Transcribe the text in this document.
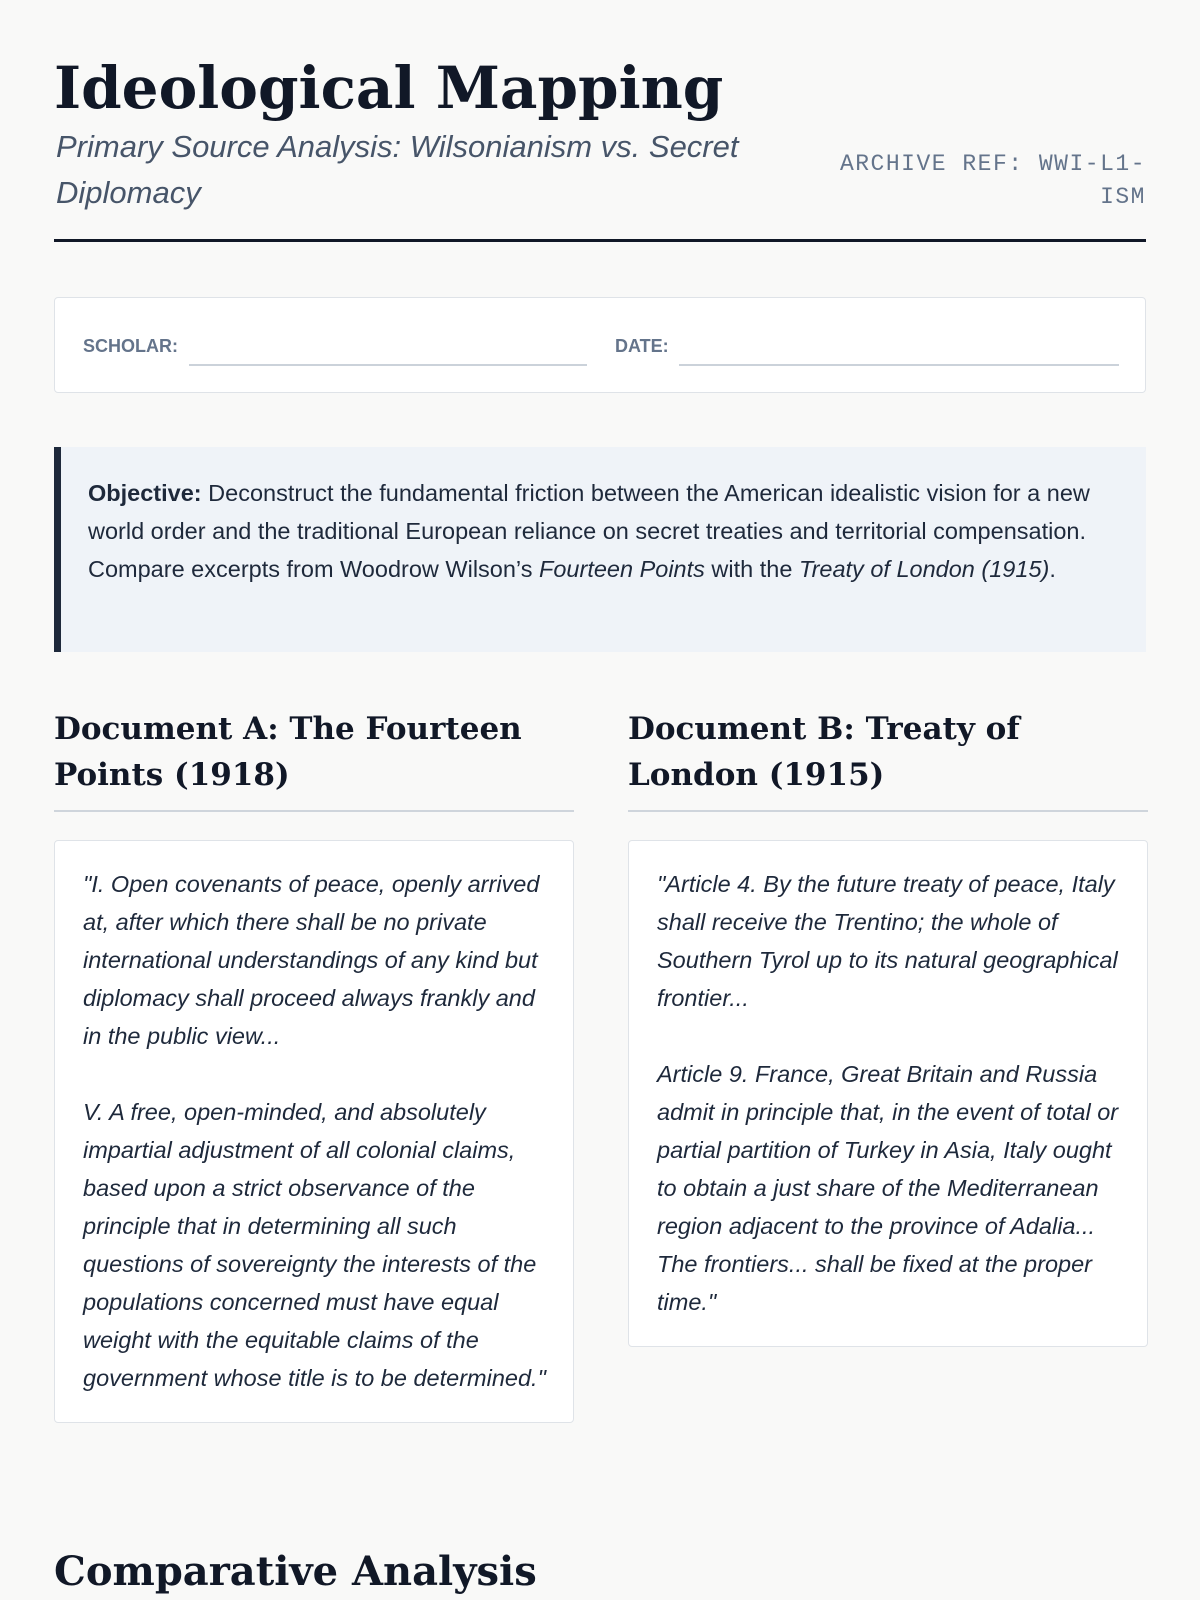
Ideological Mapping

Primary Source Analysis: Wilsonianism vs. Secret Diplomacy

ARCHIVE REF: WWI-L1-ISM
SCHOLAR:	DATE:
Objective: Deconstruct the fundamental friction between the American idealistic vision for a new world order and the traditional European reliance on secret treaties and territorial compensation. Compare excerpts from Woodrow Wilson’s Fourteen Points with the Treaty of London (1915).
Document A: The Fourteen Points (1918)

"I. Open covenants of peace, openly arrived at, after which there shall be no private international understandings of any kind but diplomacy shall proceed always frankly and in the public view...

V. A free, open-minded, and absolutely impartial adjustment of all colonial claims, based upon a strict observance of the principle that in determining all such questions of sovereignty the interests of the populations concerned must have equal weight with the equitable claims of the government whose title is to be determined."

Document B: Treaty of London (1915)

"Article 4. By the future treaty of peace, Italy shall receive the Trentino; the whole of Southern Tyrol up to its natural geographical frontier...

Article 9. France, Great Britain and Russia admit in principle that, in the event of total or partial partition of Turkey in Asia, Italy ought to obtain a just share of the Mediterranean region adjacent to the province of Adalia... The frontiers... shall be fixed at the proper time."

Comparative Analysis
